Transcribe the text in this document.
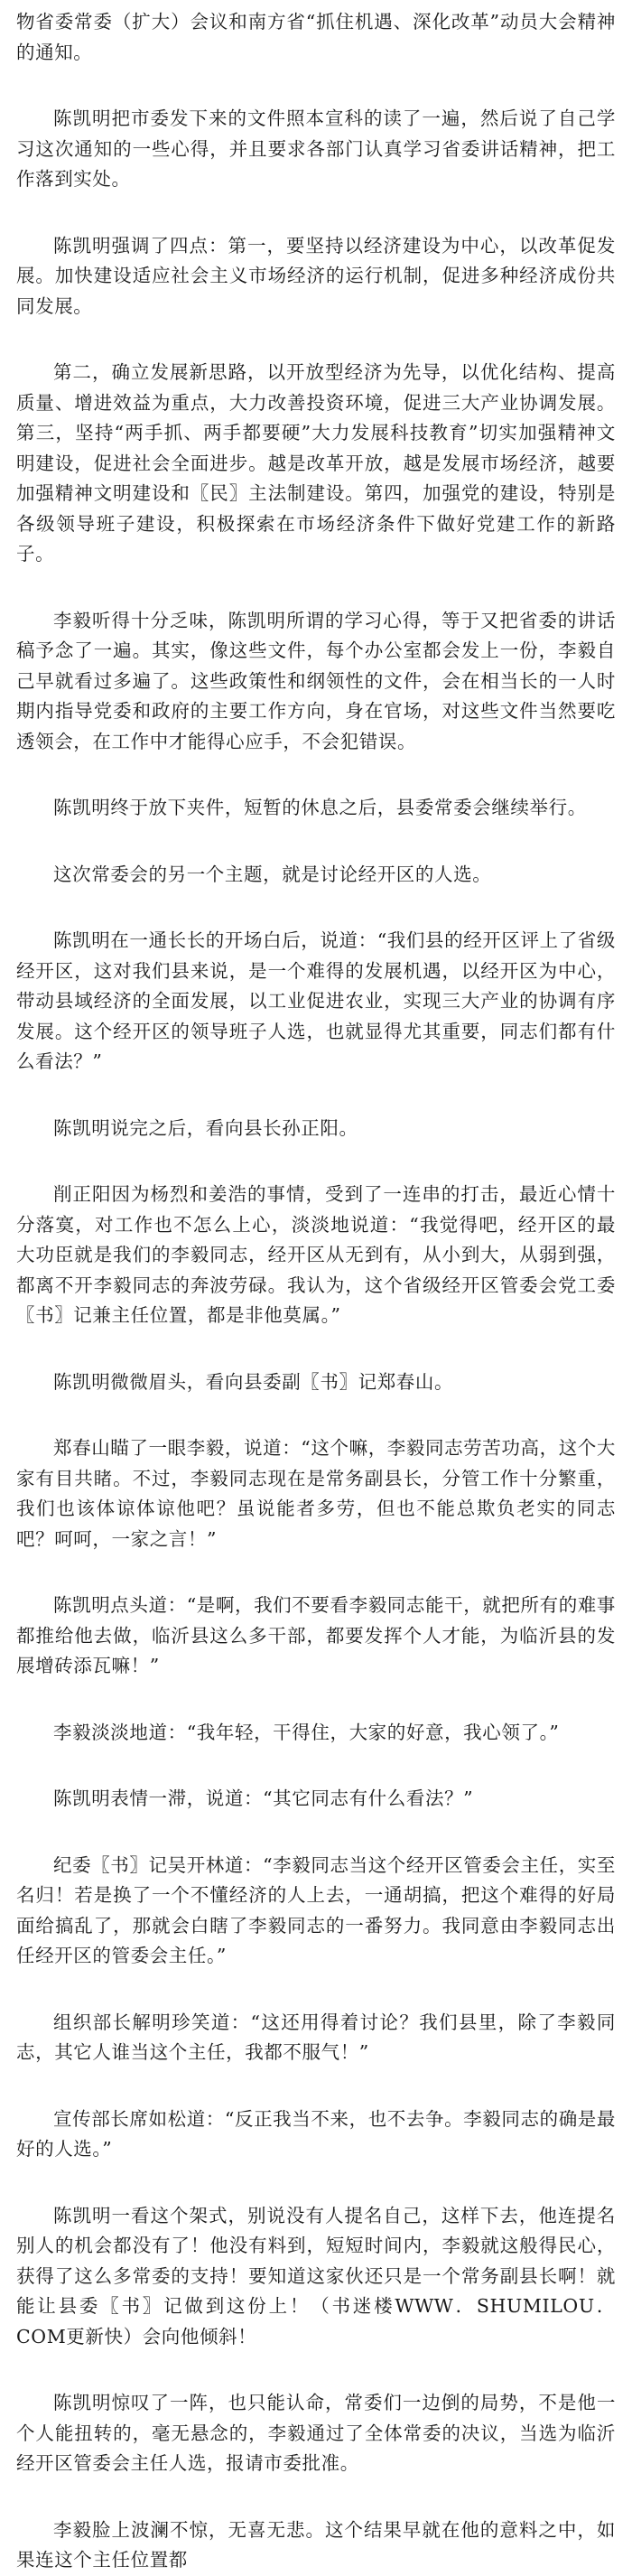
物省委常委（扩大）会议和南方省“抓住机遇、深化改革”动员大会精神的通知。

陈凯明把市委发下来的文件照本宣科的读了一遍，然后说了自己学习这次通知的一些心得，并且要求各部门认真学习省委讲话精神，把工作落到实处。

陈凯明强调了四点：第一，要坚持以经济建设为中心，以改革促发展。加快建设适应社会主义市场经济的运行机制，促进多种经济成份共同发展。

第二，确立发展新思路，以开放型经济为先导，以优化结构、提高质量、增进效益为重点，大力改善投资环境，促进三大产业协调发展。第三，坚持“两手抓、两手都要硬”大力发展科技教育”切实加强精神文明建设，促进社会全面进步。越是改革开放，越是发展市场经济，越要加强精神文明建设和〖民〗主法制建设。第四，加强党的建设，特别是各级领导班子建设，积极探索在市场经济条件下做好党建工作的新路子。

李毅听得十分乏味，陈凯明所谓的学习心得，等于又把省委的讲话稿予念了一遍。其实，像这些文件，每个办公室都会发上一份，李毅自己早就看过多遍了。这些政策性和纲领性的文件，会在相当长的一人时期内指导党委和政府的主要工作方向，身在官场，对这些文件当然要吃透领会，在工作中才能得心应手，不会犯错误。

陈凯明终于放下夹件，短暂的休息之后，县委常委会继续举行。

这次常委会的另一个主题，就是讨论经开区的人选。

陈凯明在一通长长的开场白后，说道：“我们县的经开区评上了省级经开区，这对我们县来说，是一个难得的发展机遇，以经开区为中心，带动县域经济的全面发展，以工业促进农业，实现三大产业的协调有序发展。这个经开区的领导班子人选，也就显得尤其重要，同志们都有什么看法？”

陈凯明说完之后，看向县长孙正阳。

削正阳因为杨烈和姜浩的事情，受到了一连串的打击，最近心情十分落寞，对工作也不怎么上心，淡淡地说道：“我觉得吧，经开区的最大功臣就是我们的李毅同志，经开区从无到有，从小到大，从弱到强，都离不开李毅同志的奔波劳碌。我认为，这个省级经开区管委会党工委〖书〗记兼主任位置，都是非他莫属。”

陈凯明微微眉头，看向县委副〖书〗记郑春山。

郑春山瞄了一眼李毅，说道：“这个嘛，李毅同志劳苦功高，这个大家有目共睹。不过，李毅同志现在是常务副县长，分管工作十分繁重，我们也该体谅体谅他吧？虽说能者多劳，但也不能总欺负老实的同志吧？呵呵，一家之言！”

陈凯明点头道：“是啊，我们不要看李毅同志能干，就把所有的难事都推给他去做，临沂县这么多干部，都要发挥个人才能，为临沂县的发展增砖添瓦嘛！”

李毅淡淡地道：“我年轻，干得住，大家的好意，我心领了。”

陈凯明表情一滞，说道：“其它同志有什么看法？”

纪委〖书〗记吴开林道：“李毅同志当这个经开区管委会主任，实至名归！若是换了一个不懂经济的人上去，一通胡搞，把这个难得的好局面给搞乱了，那就会白瞎了李毅同志的一番努力。我同意由李毅同志出任经开区的管委会主任。”

组织部长解明珍笑道：“这还用得着讨论？我们县里，除了李毅同志，其它人谁当这个主任，我都不服气！”

宣传部长席如松道：“反正我当不来，也不去争。李毅同志的确是最好的人选。”

陈凯明一看这个架式，别说没有人提名自己，这样下去，他连提名别人的机会都没有了！他没有料到，短短时间内，李毅就这般得民心，获得了这么多常委的支持！要知道这家伙还只是一个常务副县长啊！就能让县委〖书〗记做到这份上！（书迷楼WWW．SHUMILOU．COM更新快）会向他倾斜！

陈凯明惊叹了一阵，也只能认命，常委们一边倒的局势，不是他一个人能扭转的，毫无悬念的，李毅通过了全体常委的决议，当选为临沂经开区管委会主任人选，报请市委批准。

李毅脸上波澜不惊，无喜无悲。这个结果早就在他的意料之中，如果连这个主任位置都
